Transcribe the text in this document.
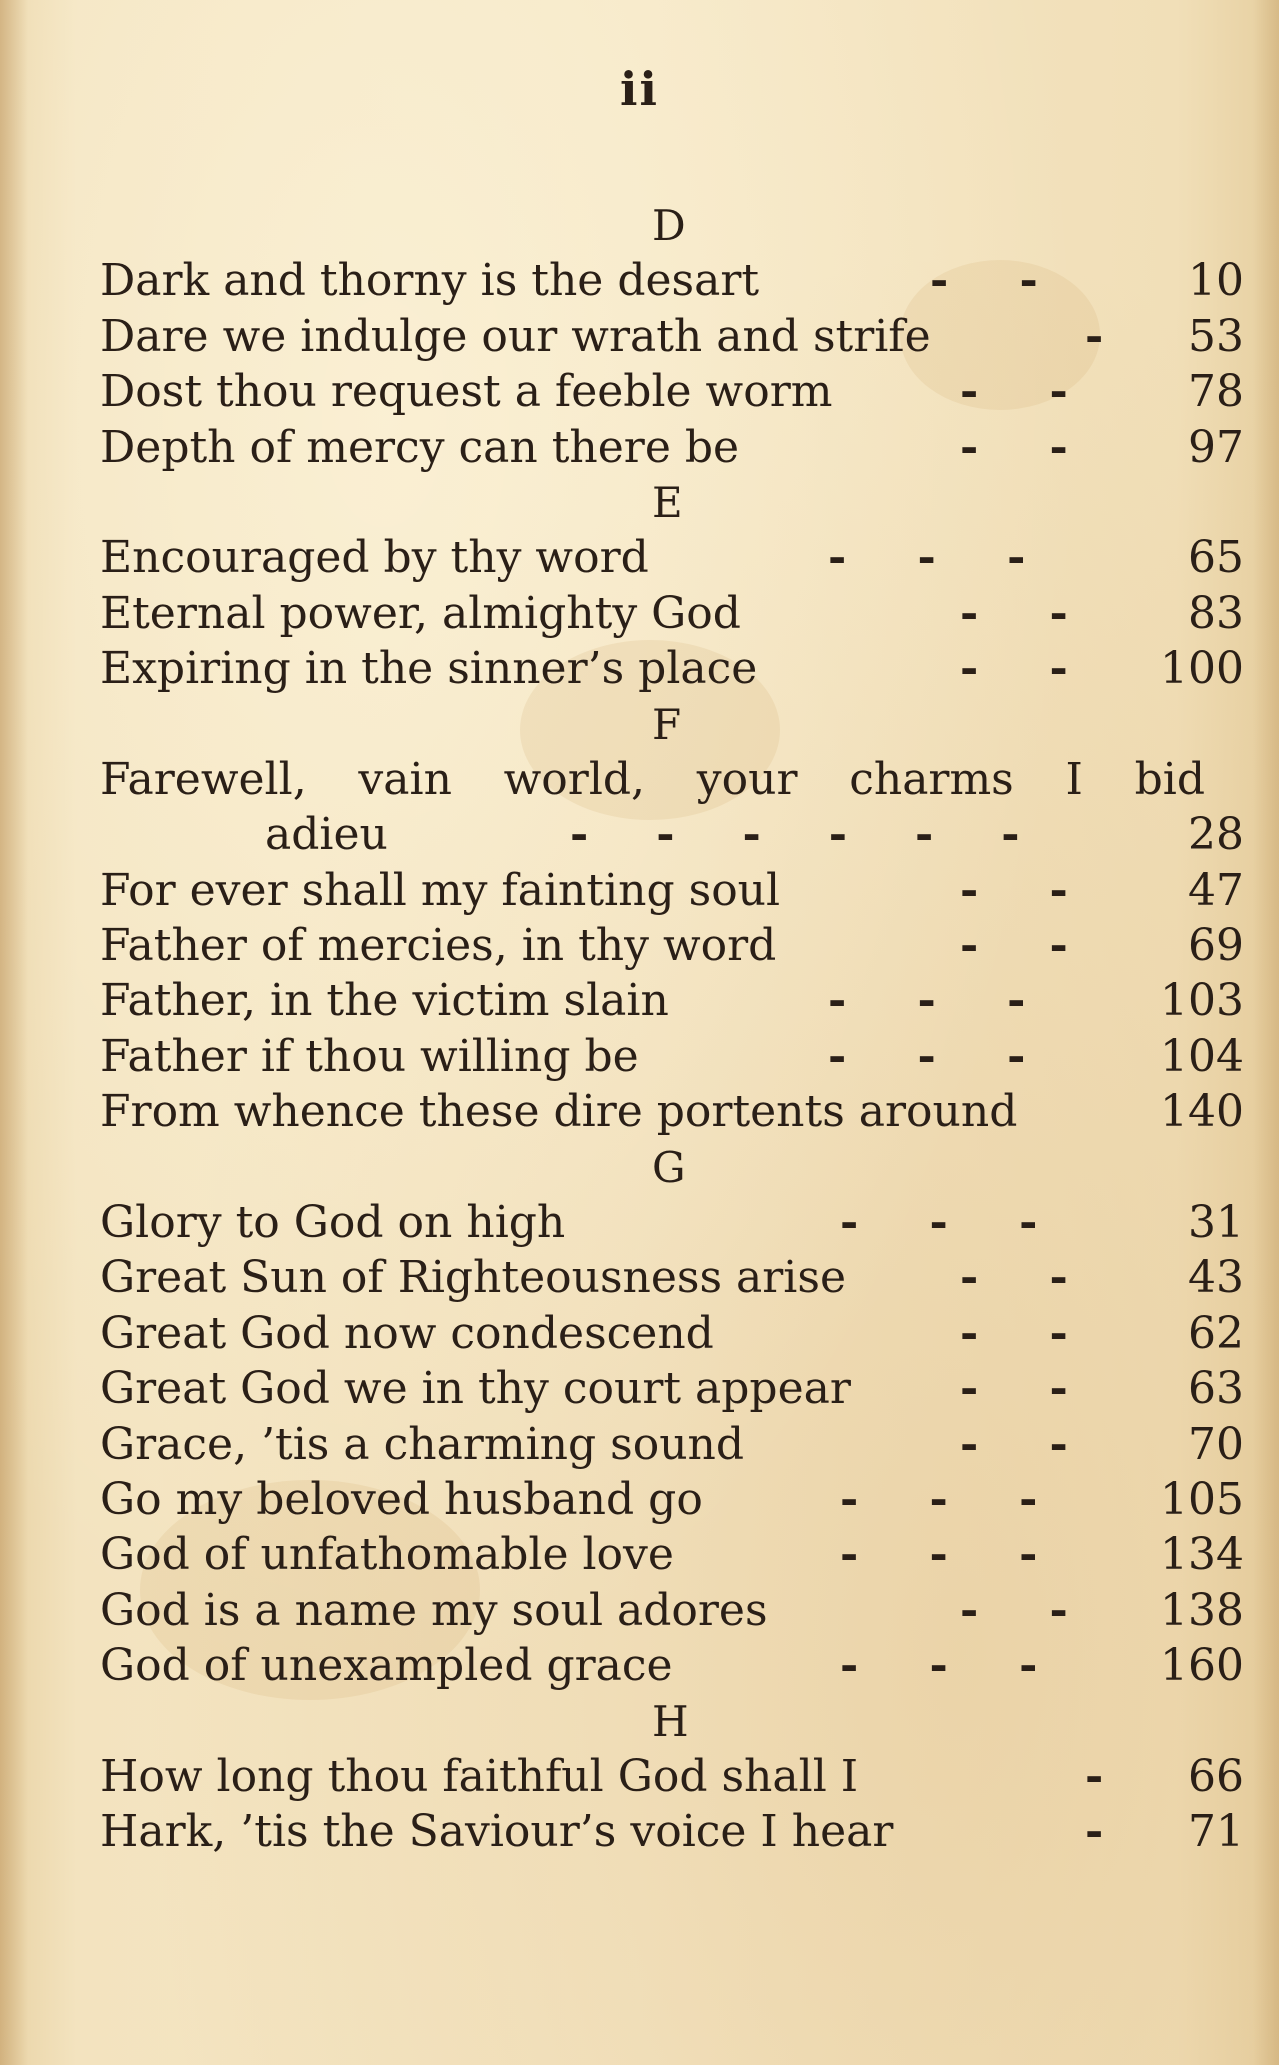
ii
D
Dark and thorny is the desart	-    -	10
Dare we indulge our wrath and strife	- 53
Dost thou request a feeble worm	-    -	78
Depth of mercy can there be	-    -	97
E
Encouraged by thy word	-    -    -	65
Eternal power, almighty God	-    -	83
Expiring in the sinner’s place	-    - 100
F
Farewell, vain world, your charms I bid
adieu	------ 28
For ever shall my fainting soul	-    -	47
Father of mercies, in thy word	-    -	69
Father, in the victim slain	-    -    -	103
Father if thou willing be	-    -    -	104
From whence these dire portents around	140
G
Glory to God on high	-    -    -	31
Great Sun of Righteousness arise	-    -	43
Great God now condescend	-    -	62
Great God we in thy court appear -    -	63
Grace, ’tis a charming sound	-    -	70
Go my beloved husband go	-    -    -	105
God of unfathomable love	-    -    -	134
God is a name my soul adores	-    - 138
God of unexampled grace	-    -    -	160
H
How long thou faithful God shall I	- 66
Hark, ’tis the Saviour’s voice I hear	- 71
